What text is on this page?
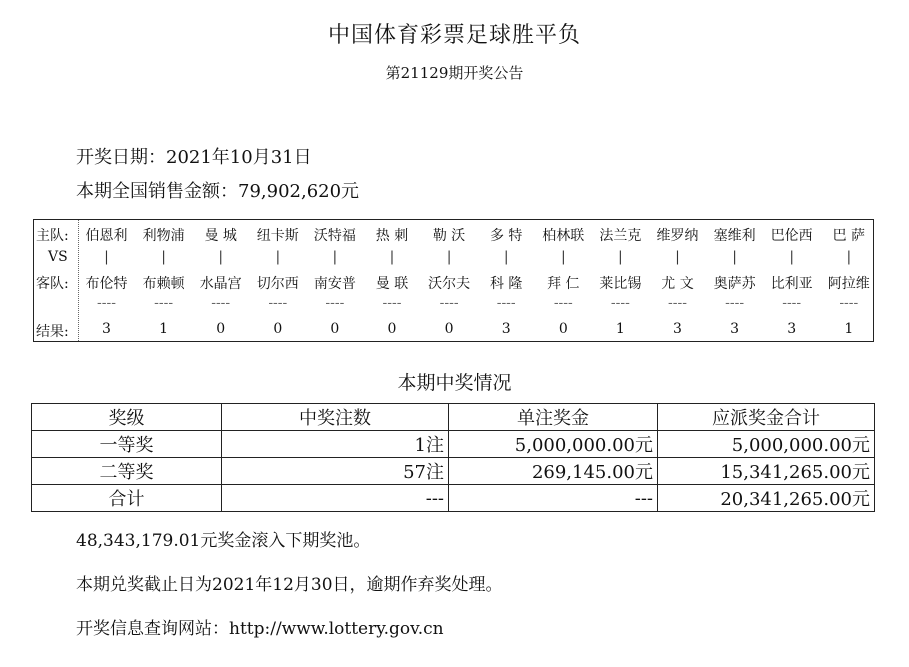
中国体育彩票足球胜平负
第21129期开奖公告
开奖日期：2021年10月31日
本期全国销售金额：79,902,620元
主队:	伯恩利	利物浦	曼 城	纽卡斯	沃特福	热 刺	勒 沃	多 特	柏林联	法兰克	维罗纳	塞维利	巴伦西	巴 萨
VS	|	|	|	|	|	|	|	|	|	|	|	|	|	|
客队:	布伦特	布赖顿	水晶宫	切尔西	南安普	曼 联	沃尔夫	科 隆	拜 仁	莱比锡	尤 文	奥萨苏	比利亚	阿拉维
----	----	----	----	----	----	----	----	----	----	----	----	----	----
结果:	3	1	0	0	0	0	0	3	0	1	3	3	3	1
本期中奖情况
奖级	中奖注数	单注奖金	应派奖金合计
一等奖	1注	5,000,000.00元	5,000,000.00元
二等奖	57注	269,145.00元	15,341,265.00元
合计	---	---	20,341,265.00元
48,343,179.01元奖金滚入下期奖池。
本期兑奖截止日为2021年12月30日，逾期作弃奖处理。
开奖信息查询网站：http://www.lottery.gov.cn
